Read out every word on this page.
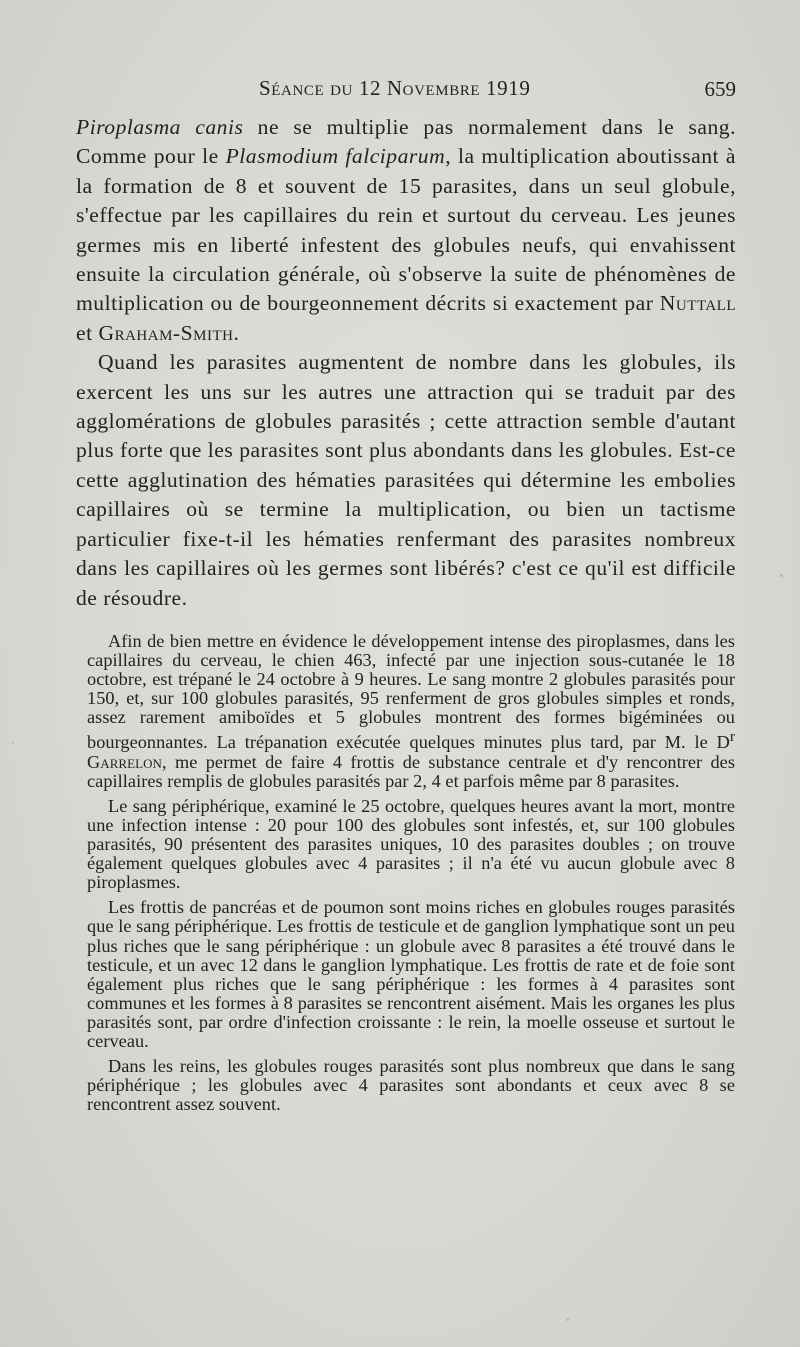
Séance du 12 Novembre 1919	659

Piroplasma canis ne se multiplie pas normalement dans le sang. Comme pour le Plasmodium falciparum, la multiplication aboutissant à la formation de 8 et souvent de 15 parasites, dans un seul globule, s'effectue par les capillaires du rein et surtout du cerveau. Les jeunes germes mis en liberté infestent des globules neufs, qui envahissent ensuite la circulation générale, où s'observe la suite de phénomènes de multiplication ou de bourgeonnement décrits si exactement par Nuttall et Graham-Smith.

Quand les parasites augmentent de nombre dans les globules, ils exercent les uns sur les autres une attraction qui se traduit par des agglomérations de globules parasités ; cette attraction semble d'autant plus forte que les parasites sont plus abondants dans les globules. Est-ce cette agglutination des hématies parasitées qui détermine les embolies capillaires où se termine la multiplication, ou bien un tactisme particulier fixe-t-il les hématies renfermant des parasites nombreux dans les capillaires où les germes sont libérés? c'est ce qu'il est difficile de résoudre.

Afin de bien mettre en évidence le développement intense des piroplasmes, dans les capillaires du cerveau, le chien 463, infecté par une injection sous-cutanée le 18 octobre, est trépané le 24 octobre à 9 heures. Le sang montre 2 globules parasités pour 150, et, sur 100 globules parasités, 95 renferment de gros globules simples et ronds, assez rarement amiboïdes et 5 globules montrent des formes bigéminées ou bourgeonnantes. La trépanation exécutée quelques minutes plus tard, par M. le $D^r$ Garrelon, me permet de faire 4 frottis de substance centrale et d'y rencontrer des capillaires remplis de globules parasités par 2, 4 et parfois même par 8 parasites.

Le sang périphérique, examiné le 25 octobre, quelques heures avant la mort, montre une infection intense : 20 pour 100 des globules sont infestés, et, sur 100 globules parasités, 90 présentent des parasites uniques, 10 des parasites doubles ; on trouve également quelques globules avec 4 parasites ; il n'a été vu aucun globule avec 8 piroplasmes.

Les frottis de pancréas et de poumon sont moins riches en globules rouges parasités que le sang périphérique. Les frottis de testicule et de ganglion lymphatique sont un peu plus riches que le sang périphérique : un globule avec 8 parasites a été trouvé dans le testicule, et un avec 12 dans le ganglion lymphatique. Les frottis de rate et de foie sont également plus riches que le sang périphérique : les formes à 4 parasites sont communes et les formes à 8 parasites se rencontrent aisément. Mais les organes les plus parasités sont, par ordre d'infection croissante : le rein, la moelle osseuse et surtout le cerveau.

Dans les reins, les globules rouges parasités sont plus nombreux que dans le sang périphérique ; les globules avec 4 parasites sont abondants et ceux avec 8 se rencontrent assez souvent.
